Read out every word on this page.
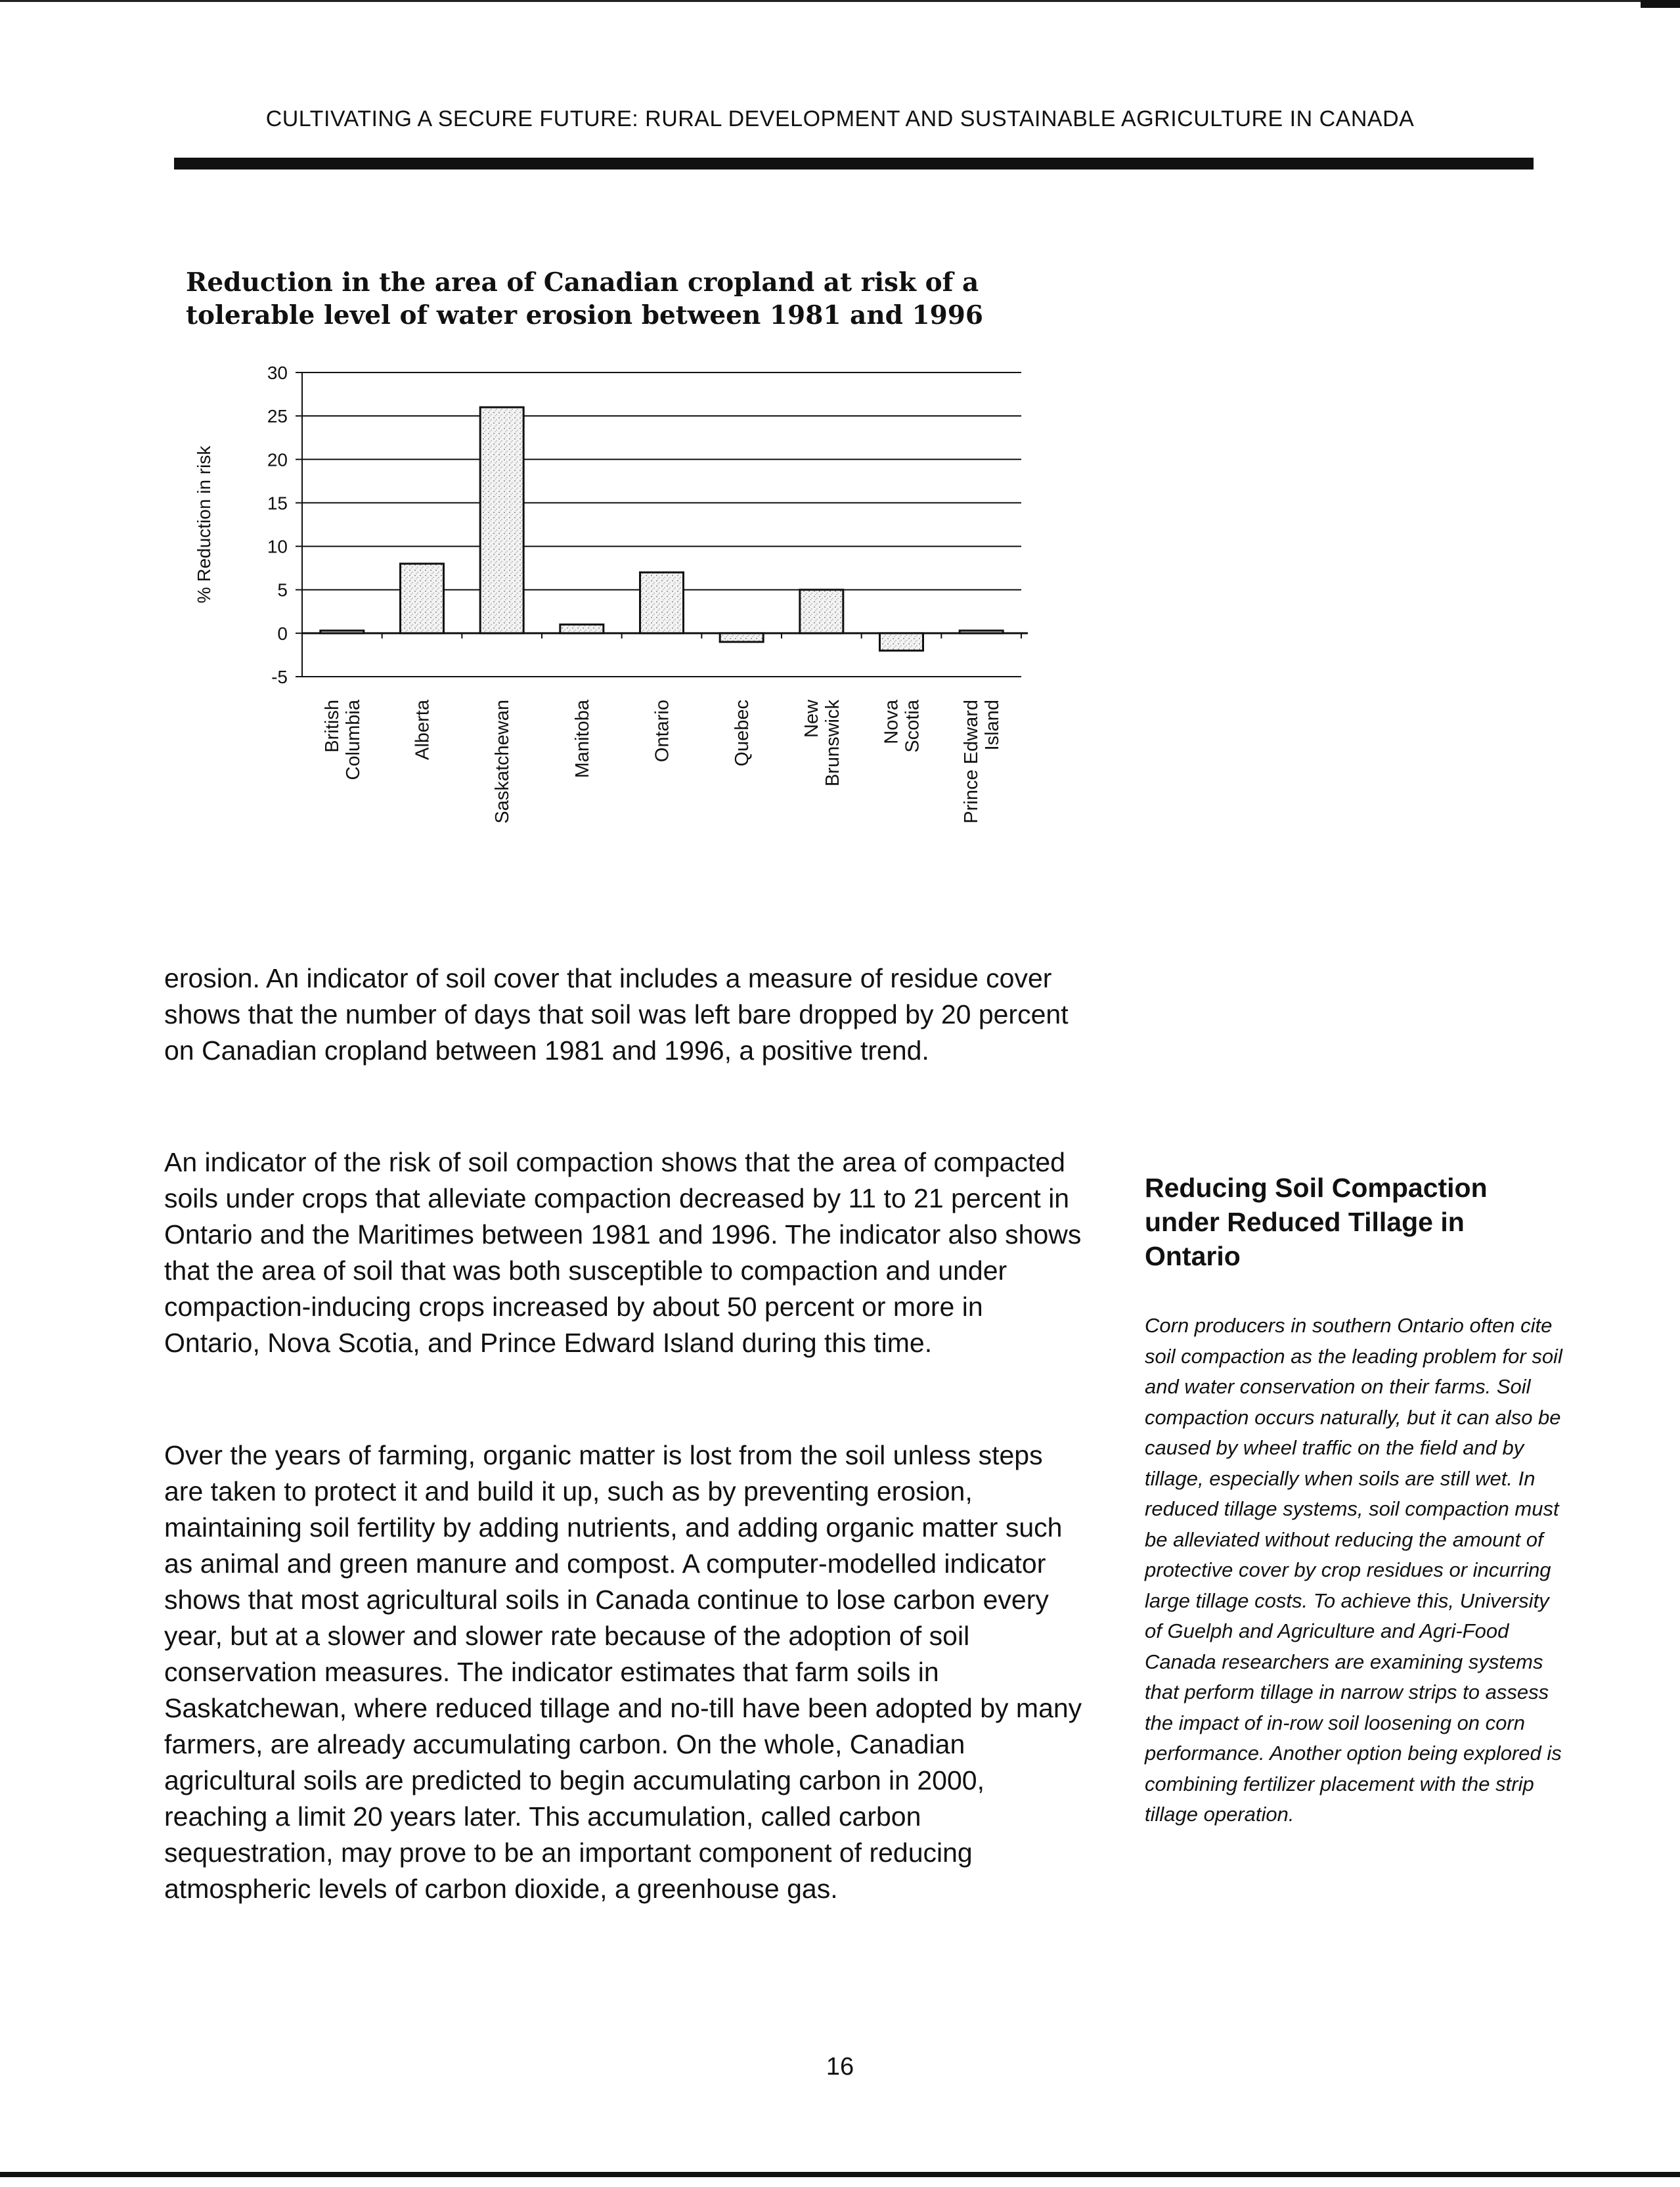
CULTIVATING A SECURE FUTURE: RURAL DEVELOPMENT AND SUSTAINABLE AGRICULTURE IN CANADA
Reduction in the area of Canadian cropland at risk of a tolerable level of water erosion between 1981 and 1996
30
25
20
15
10
5
0
-5
% Reduction in risk
British Columbia	Alberta	Saskatchewan	Manitoba	Ontario	Quebec	New Brunswick Nova Scotia Prince Edward Island

erosion. An indicator of soil cover that includes a measure of residue cover shows that the number of days that soil was left bare dropped by 20 percent on Canadian cropland between 1981 and 1996, a positive trend.

An indicator of the risk of soil compaction shows that the area of compacted soils under crops that alleviate compaction decreased by 11 to 21 percent in Ontario and the Maritimes between 1981 and 1996. The indicator also shows that the area of soil that was both susceptible to compaction and under compaction-inducing crops increased by about 50 percent or more in Ontario, Nova Scotia, and Prince Edward Island during this time.

Over the years of farming, organic matter is lost from the soil unless steps are taken to protect it and build it up, such as by preventing erosion, maintaining soil fertility by adding nutrients, and adding organic matter such as animal and green manure and compost. A computer-modelled indicator shows that most agricultural soils in Canada continue to lose carbon every year, but at a slower and slower rate because of the adoption of soil conservation measures. The indicator estimates that farm soils in Saskatchewan, where reduced tillage and no-till have been adopted by many farmers, are already accumulating carbon. On the whole, Canadian agricultural soils are predicted to begin accumulating carbon in 2000, reaching a limit 20 years later. This accumulation, called carbon sequestration, may prove to be an important component of reducing atmospheric levels of carbon dioxide, a greenhouse gas.

Reducing Soil Compaction under Reduced Tillage in Ontario
Corn producers in southern Ontario often cite soil compaction as the leading problem for soil and water conservation on their farms. Soil compaction occurs naturally, but it can also be caused by wheel traffic on the field and by tillage, especially when soils are still wet. In reduced tillage systems, soil compaction must be alleviated without reducing the amount of protective cover by crop residues or incurring large tillage costs. To achieve this, University of Guelph and Agriculture and Agri-Food Canada researchers are examining systems that perform tillage in narrow strips to assess the impact of in-row soil loosening on corn performance. Another option being explored is combining fertilizer placement with the strip tillage operation.
16
